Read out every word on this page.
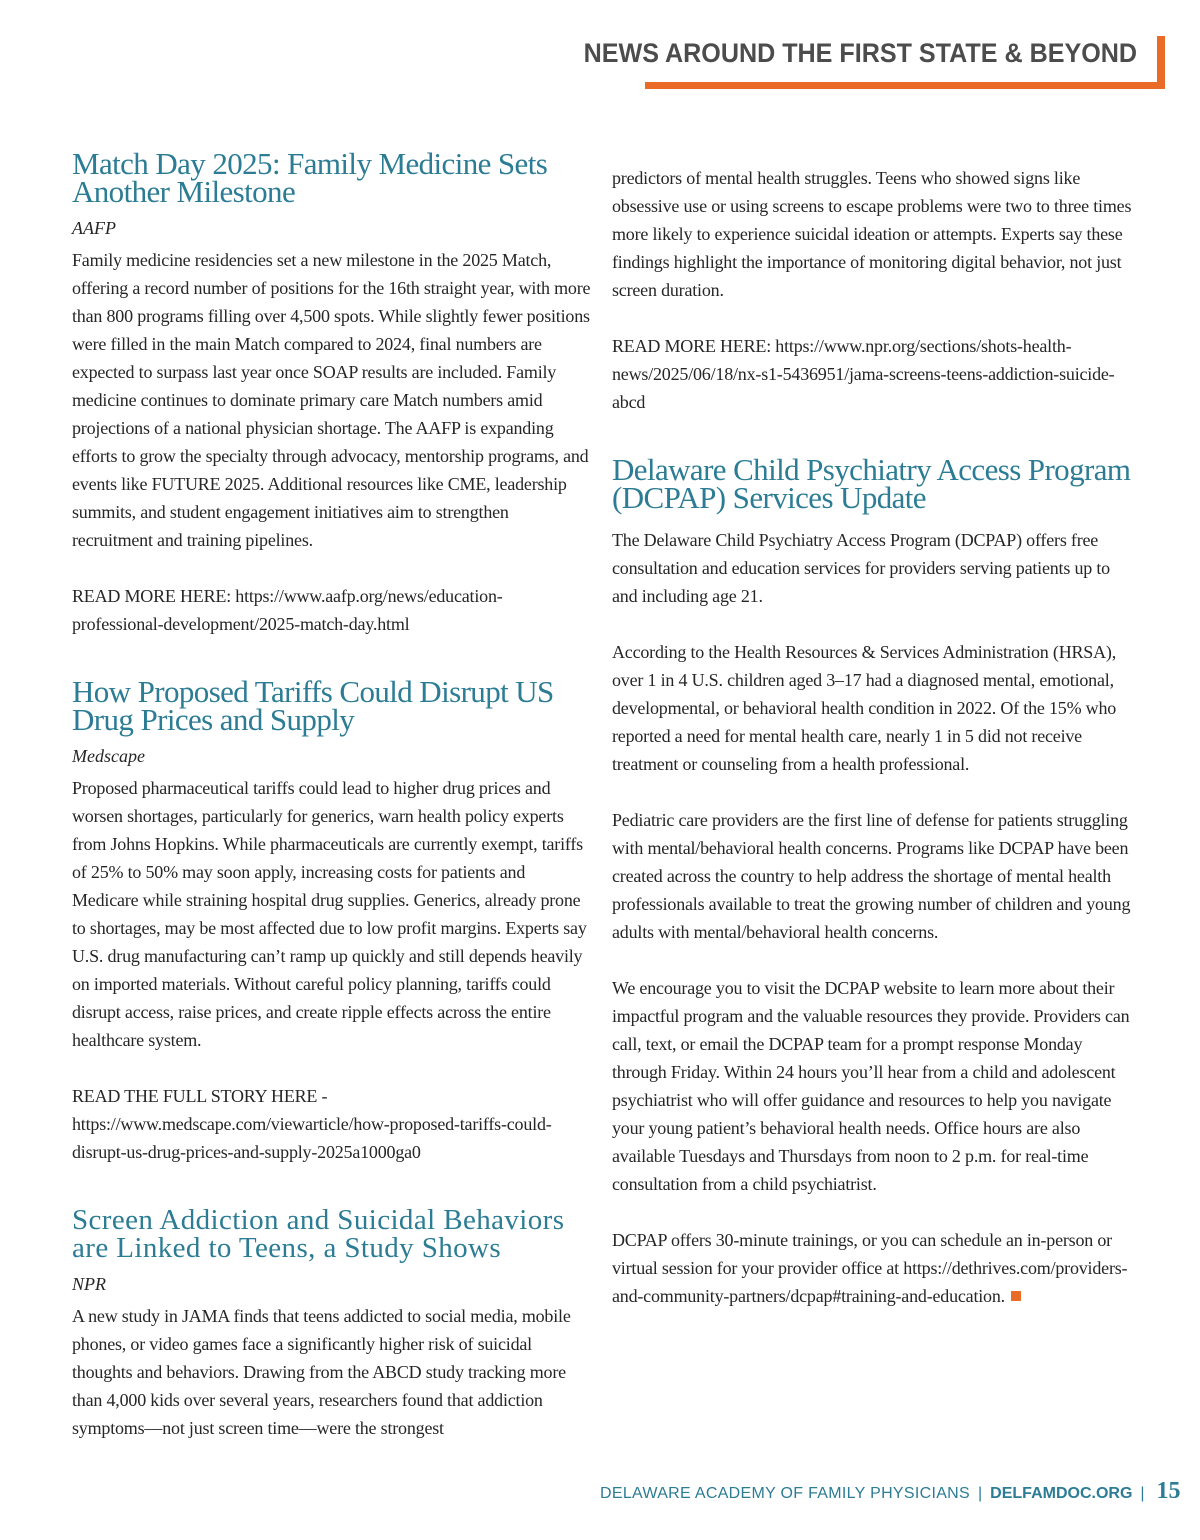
NEWS AROUND THE FIRST STATE & BEYOND
Match Day 2025: Family Medicine Sets Another Milestone
AAFP

Family medicine residencies set a new milestone in the 2025 Match, offering a record number of positions for the 16th straight year, with more than 800 programs filling over 4,500 spots. While slightly fewer positions were filled in the main Match compared to 2024, final numbers are expected to surpass last year once SOAP results are included. Family medicine continues to dominate primary care Match numbers amid projections of a national physician shortage. The AAFP is expanding efforts to grow the specialty through advocacy, mentorship programs, and events like FUTURE 2025. Additional resources like CME, leadership summits, and student engagement initiatives aim to strengthen recruitment and training pipelines.

READ MORE HERE: https://www.aafp.org/news/education-professional-development/2025-match-day.html

How Proposed Tariffs Could Disrupt US Drug Prices and Supply
Medscape

Proposed pharmaceutical tariffs could lead to higher drug prices and worsen shortages, particularly for generics, warn health policy experts from Johns Hopkins. While pharmaceuticals are currently exempt, tariffs of 25% to 50% may soon apply, increasing costs for patients and Medicare while straining hospital drug supplies. Generics, already prone to shortages, may be most affected due to low profit margins. Experts say U.S. drug manufacturing can’t ramp up quickly and still depends heavily on imported materials. Without careful policy planning, tariffs could disrupt access, raise prices, and create ripple effects across the entire healthcare system.

READ THE FULL STORY HERE - https://www.medscape.com/viewarticle/how-proposed-tariffs-could-disrupt-us-drug-prices-and-supply-2025a1000ga0

Screen Addiction and Suicidal Behaviors are Linked to Teens, a Study Shows
NPR

A new study in JAMA finds that teens addicted to social media, mobile phones, or video games face a significantly higher risk of suicidal thoughts and behaviors. Drawing from the ABCD study tracking more than 4,000 kids over several years, researchers found that addiction symptoms—not just screen time—were the strongest

predictors of mental health struggles. Teens who showed signs like obsessive use or using screens to escape problems were two to three times more likely to experience suicidal ideation or attempts. Experts say these findings highlight the importance of monitoring digital behavior, not just screen duration.

READ MORE HERE: https://www.npr.org/sections/shots-health-news/2025/06/18/nx-s1-5436951/jama-screens-teens-addiction-suicide-abcd

Delaware Child Psychiatry Access Program (DCPAP) Services Update

The Delaware Child Psychiatry Access Program (DCPAP) offers free consultation and education services for providers serving patients up to and including age 21.

According to the Health Resources & Services Administration (HRSA), over 1 in 4 U.S. children aged 3–17 had a diagnosed mental, emotional, developmental, or behavioral health condition in 2022. Of the 15% who reported a need for mental health care, nearly 1 in 5 did not receive treatment or counseling from a health professional.

Pediatric care providers are the first line of defense for patients struggling with mental/behavioral health concerns. Programs like DCPAP have been created across the country to help address the shortage of mental health professionals available to treat the growing number of children and young adults with mental/behavioral health concerns.

We encourage you to visit the DCPAP website to learn more about their impactful program and the valuable resources they provide. Providers can call, text, or email the DCPAP team for a prompt response Monday through Friday. Within 24 hours you’ll hear from a child and adolescent psychiatrist who will offer guidance and resources to help you navigate your young patient’s behavioral health needs. Office hours are also available Tuesdays and Thursdays from noon to 2 p.m. for real-time consultation from a child psychiatrist.

DCPAP offers 30-minute trainings, or you can schedule an in-person or virtual session for your provider office at https://dethrives.com/providers-and-community-partners/dcpap#training-and-education.

DELAWARE ACADEMY OF FAMILY PHYSICIANS | DELFAMDOC.ORG | 15
